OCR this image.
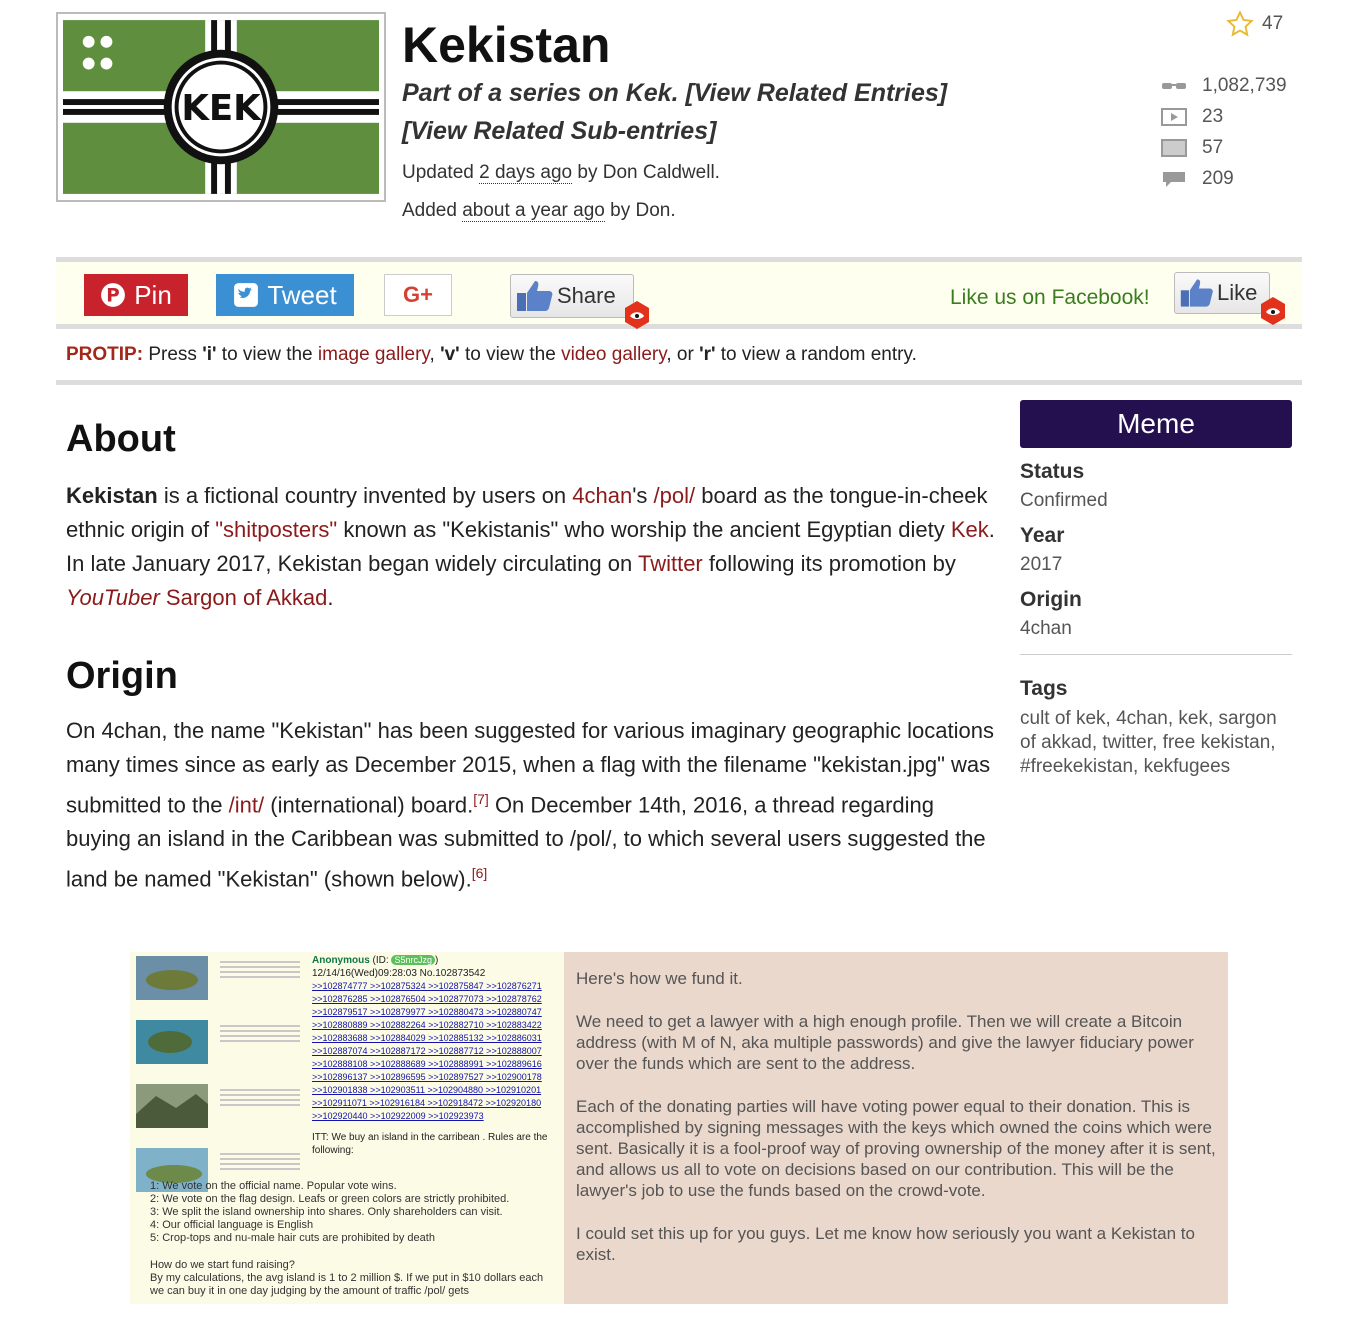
KEK
Kekistan
Part of a series on Kek. [View Related Entries]
[View Related Sub-entries]
Updated 2 days ago by Don Caldwell.
Added about a year ago by Don.
47
1,082,739
23
57
209
P Pin	Tweet	G+	Share	Like us on Facebook!	Like
PROTIP: Press 'i' to view the image gallery, 'v' to view the video gallery, or 'r' to view a random entry.
About

Kekistan is a fictional country invented by users on 4chan's /pol/ board as the tongue-in-cheek ethnic origin of "shitposters" known as "Kekistanis" who worship the ancient Egyptian diety Kek. In late January 2017, Kekistan began widely circulating on Twitter following its promotion by YouTuber Sargon of Akkad.

Origin

On 4chan, the name "Kekistan" has been suggested for various imaginary geographic locations many times since as early as December 2015, when a flag with the filename "kekistan.jpg" was submitted to the /int/ (international) board.[7] On December 14th, 2016, a thread regarding buying an island in the Caribbean was submitted to /pol/, to which several users suggested the land be named "Kekistan" (shown below).[6]

Meme
Status
Confirmed
Year
2017
Origin
4chan
Tags
cult of kek, 4chan, kek, sargon of akkad, twitter, free kekistan, #freekekistan, kekfugees
Anonymous (ID: S5nrcJzg )
12/14/16(Wed)09:28:03 No.102873542
>>102874777 >>102875324 >>102875847 >>102876271 >>102876285 >>102876504 >>102877073 >>102878762 >>102879517 >>102879977 >>102880473 >>102880747 >>102880889 >>102882264 >>102882710 >>102883422 >>102883688 >>102884029 >>102885132 >>102886031 >>102887074 >>102887172 >>102887712 >>102888007 >>102888108 >>102888689 >>102888991 >>102889616 >>102896137 >>102896595 >>102897527 >>102900178 >>102901838 >>102903511 >>102904880 >>102910201 >>102911071 >>102916184 >>102918472 >>102920180 >>102920440 >>102922009 >>102923973
ITT: We buy an island in the carribean . Rules are the following:
1: We vote on the official name. Popular vote wins.
2: We vote on the flag design. Leafs or green colors are strictly prohibited.
3: We split the island ownership into shares. Only shareholders can visit.
4: Our official language is English
5: Crop-tops and nu-male hair cuts are prohibited by death
How do we start fund raising?
By my calculations, the avg island is 1 to 2 million $. If we put in $10 dollars each we can buy it in one day judging by the amount of traffic /pol/ gets

Here's how we fund it.

We need to get a lawyer with a high enough profile. Then we will create a Bitcoin address (with M of N, aka multiple passwords) and give the lawyer fiduciary power over the funds which are sent to the address.

Each of the donating parties will have voting power equal to their donation. This is accomplished by signing messages with the keys which owned the coins which were sent. Basically it is a fool-proof way of proving ownership of the money after it is sent, and allows us all to vote on decisions based on our contribution. This will be the lawyer's job to use the funds based on the crowd-vote.

I could set this up for you guys. Let me know how seriously you want a Kekistan to exist.
